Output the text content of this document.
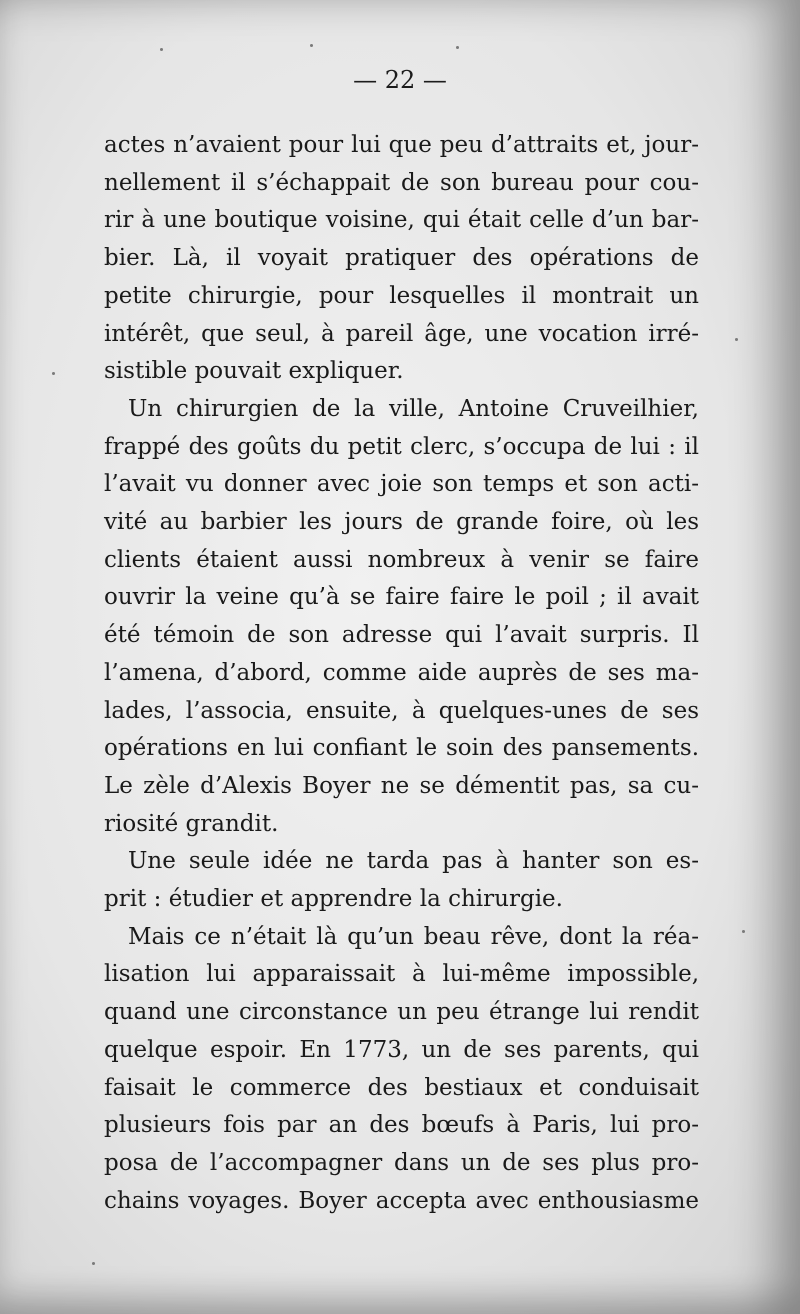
— 22 —
actes n’avaient pour lui que peu d’attraits et, jour-
nellement il s’échappait de son bureau pour cou-
rir à une boutique voisine, qui était celle d’un bar-
bier. Là, il voyait pratiquer des opérations de
petite chirurgie, pour lesquelles il montrait un
intérêt, que seul, à pareil âge, une vocation irré-
sistible pouvait expliquer.
Un chirurgien de la ville, Antoine Cruveilhier,
frappé des goûts du petit clerc, s’occupa de lui : il
l’avait vu donner avec joie son temps et son acti-
vité au barbier les jours de grande foire, où les
clients étaient aussi nombreux à venir se faire
ouvrir la veine qu’à se faire faire le poil ; il avait
été témoin de son adresse qui l’avait surpris. Il
l’amena, d’abord, comme aide auprès de ses ma-
lades, l’associa, ensuite, à quelques-unes de ses
opérations en lui confiant le soin des pansements.
Le zèle d’Alexis Boyer ne se démentit pas, sa cu-
riosité grandit.
Une seule idée ne tarda pas à hanter son es-
prit : étudier et apprendre la chirurgie.
Mais ce n’était là qu’un beau rêve, dont la réa-
lisation lui apparaissait à lui-même impossible,
quand une circonstance un peu étrange lui rendit
quelque espoir. En 1773, un de ses parents, qui
faisait le commerce des bestiaux et conduisait
plusieurs fois par an des bœufs à Paris, lui pro-
posa de l’accompagner dans un de ses plus pro-
chains voyages. Boyer accepta avec enthousiasme
